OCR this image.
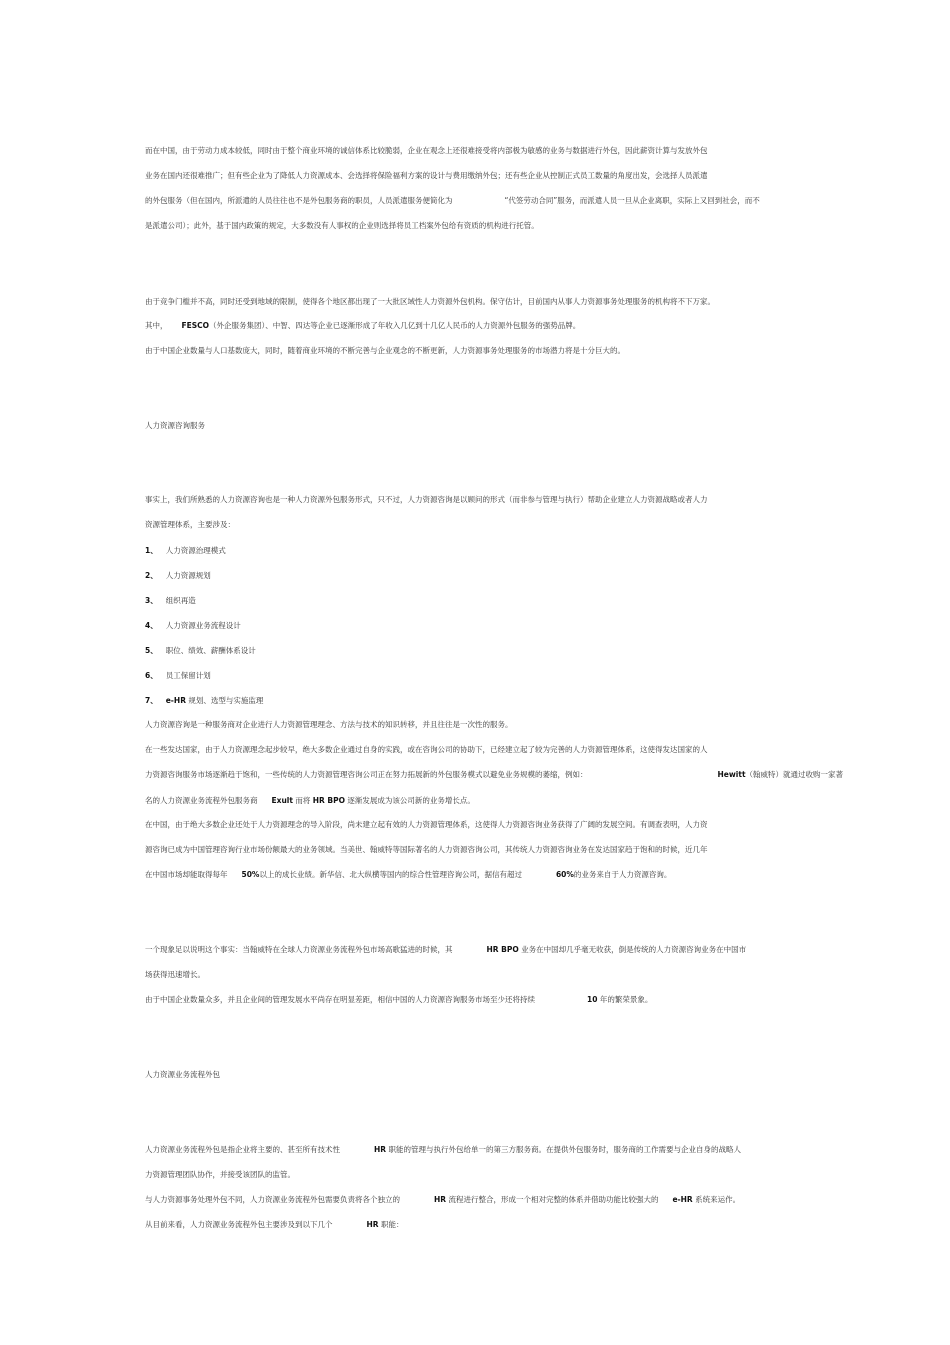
而在中国，由于劳动力成本较低，同时由于整个商业环境的诚信体系比较脆弱，企业在观念上还很难接受将内部极为敏感的业务与数据进行外包，因此薪资计算与发放外包
业务在国内还很难推广；但有些企业为了降低人力资源成本、会选择将保险福利方案的设计与费用缴纳外包；还有些企业从控制正式员工数量的角度出发，会选择人员派遣
的外包服务（但在国内，所派遣的人员往往也不是外包服务商的职员，人员派遣服务便简化为	“代签劳动合同”服务，而派遣人员一旦从企业离职，实际上又回到社会，而不
是派遣公司）；此外，基于国内政策的规定，大多数没有人事权的企业则选择将员工档案外包给有资质的机构进行托管。
由于竞争门槛并不高，同时还受到地域的限制，使得各个地区都出现了一大批区域性人力资源外包机构。保守估计，目前国内从事人力资源事务处理服务的机构将不下万家。
其中， FESCO（外企服务集团）、中智、四达等企业已逐渐形成了年收入几亿到十几亿人民币的人力资源外包服务的强势品牌。
由于中国企业数量与人口基数庞大，同时，随着商业环境的不断完善与企业观念的不断更新，人力资源事务处理服务的市场潜力将是十分巨大的。
人力资源咨询服务
事实上，我们所熟悉的人力资源咨询也是一种人力资源外包服务形式，只不过，人力资源咨询是以顾问的形式（而非参与管理与执行）帮助企业建立人力资源战略或者人力
资源管理体系，主要涉及：
1、 人力资源治理模式
2、 人力资源规划
3、 组织再造
4、 人力资源业务流程设计
5、 职位、绩效、薪酬体系设计
6、 员工保留计划
7、 e-HR 规划、选型与实施监理
人力资源咨询是一种服务商对企业进行人力资源管理理念、方法与技术的知识转移，并且往往是一次性的服务。
在一些发达国家，由于人力资源理念起步较早，绝大多数企业通过自身的实践，或在咨询公司的协助下，已经建立起了较为完善的人力资源管理体系，这使得发达国家的人
力资源咨询服务市场逐渐趋于饱和，一些传统的人力资源管理咨询公司正在努力拓展新的外包服务模式以避免业务规模的萎缩，例如：	Hewitt（翰威特）就通过收购一家著
名的人力资源业务流程外包服务商 Exult 而将 HR BPO 逐渐发展成为该公司新的业务增长点。
在中国，由于绝大多数企业还处于人力资源理念的导入阶段，尚未建立起有效的人力资源管理体系，这使得人力资源咨询业务获得了广阔的发展空间。有调查表明，人力资
源咨询已成为中国管理咨询行业市场份额最大的业务领域。当美世、翰威特等国际著名的人力资源咨询公司，其传统人力资源咨询业务在发达国家趋于饱和的时候，近几年
在中国市场却能取得每年 50%以上的成长业绩。新华信、北大纵横等国内的综合性管理咨询公司，据信有超过	60%的业务来自于人力资源咨询。
一个现象足以说明这个事实：当翰威特在全球人力资源业务流程外包市场高歌猛进的时候，其	HR BPO 业务在中国却几乎毫无收获，倒是传统的人力资源咨询业务在中国市
场获得迅速增长。
由于中国企业数量众多，并且企业间的管理发展水平尚存在明显差距，相信中国的人力资源咨询服务市场至少还将持续	10 年的繁荣景象。
人力资源业务流程外包
人力资源业务流程外包是指企业将主要的、甚至所有技术性	HR 职能的管理与执行外包给单一的第三方服务商。在提供外包服务时，服务商的工作需要与企业自身的战略人
力资源管理团队协作，并接受该团队的监管。
与人力资源事务处理外包不同，人力资源业务流程外包需要负责将各个独立的	HR 流程进行整合，形成一个相对完整的体系并借助功能比较强大的 e-HR 系统来运作。
从目前来看，人力资源业务流程外包主要涉及到以下几个	HR 职能：
